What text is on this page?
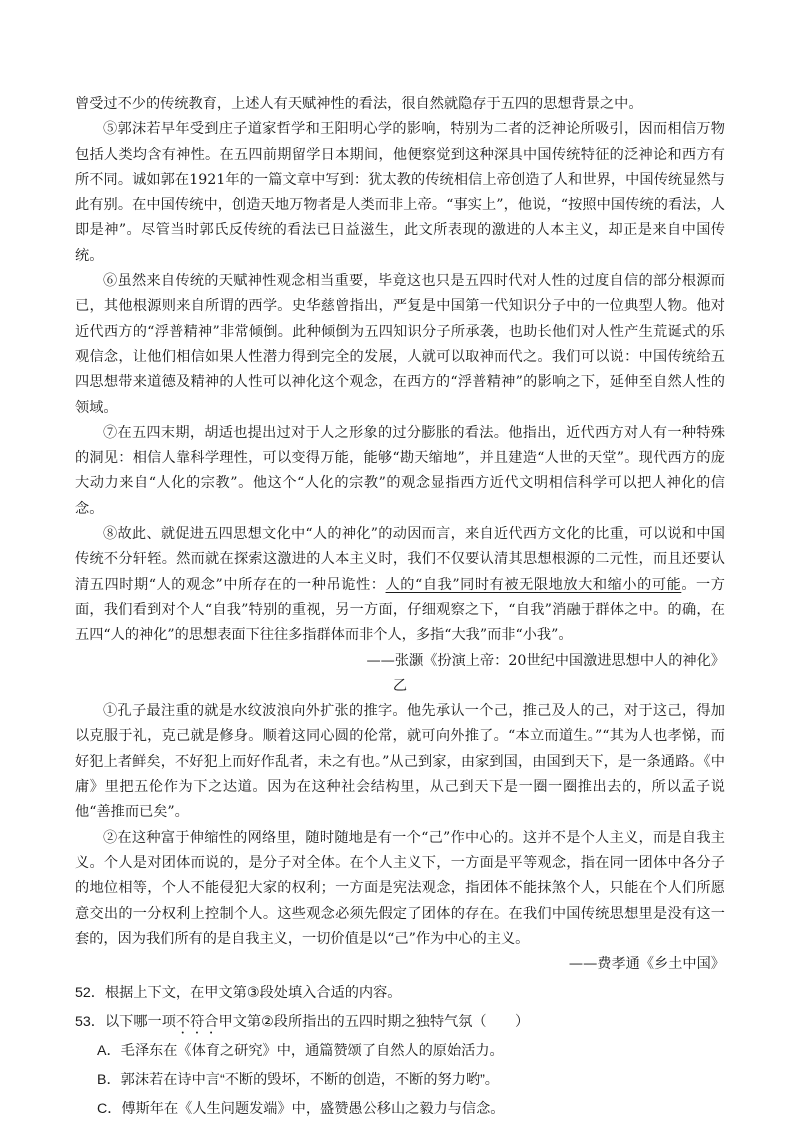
曾受过不少的传统教育，上述人有天赋神性的看法，很自然就隐存于五四的思想背景之中。

⑤郭沫若早年受到庄子道家哲学和王阳明心学的影响，特别为二者的泛神论所吸引，因而相信万物包括人类均含有神性。在五四前期留学日本期间，他便察觉到这种深具中国传统特征的泛神论和西方有所不同。诚如郭在1921年的一篇文章中写到：犹太教的传统相信上帝创造了人和世界，中国传统显然与此有别。在中国传统中，创造天地万物者是人类而非上帝。“事实上”，他说，“按照中国传统的看法，人即是神”。尽管当时郭氏反传统的看法已日益滋生，此文所表现的激进的人本主义，却正是来自中国传统。

⑥虽然来自传统的天赋神性观念相当重要，毕竟这也只是五四时代对人性的过度自信的部分根源而已，其他根源则来自所谓的西学。史华慈曾指出，严复是中国第一代知识分子中的一位典型人物。他对近代西方的“浮普精神”非常倾倒。此种倾倒为五四知识分子所承袭，也助长他们对人性产生荒诞式的乐观信念，让他们相信如果人性潜力得到完全的发展，人就可以取神而代之。我们可以说：中国传统给五四思想带来道德及精神的人性可以神化这个观念，在西方的“浮普精神”的影响之下，延伸至自然人性的领域。

⑦在五四末期，胡适也提出过对于人之形象的过分膨胀的看法。他指出，近代西方对人有一种特殊的洞见：相信人靠科学理性，可以变得万能，能够“勘天缩地”，并且建造“人世的天堂”。现代西方的庞大动力来自“人化的宗教”。他这个“人化的宗教”的观念显指西方近代文明相信科学可以把人神化的信念。

⑧故此、就促进五四思想文化中“人的神化”的动因而言，来自近代西方文化的比重，可以说和中国传统不分轩轾。然而就在探索这激进的人本主义时，我们不仅要认清其思想根源的二元性，而且还要认清五四时期“人的观念”中所存在的一种吊诡性：人的“自我”同时有被无限地放大和缩小的可能。一方面，我们看到对个人“自我”特别的重视，另一方面，仔细观察之下，“自我”消融于群体之中。的确，在五四“人的神化”的思想表面下往往多指群体而非个人，多指“大我”而非“小我”。

——张灏《扮演上帝：20世纪中国激进思想中人的神化》

乙

①孔子最注重的就是水纹波浪向外扩张的推字。他先承认一个己，推己及人的己，对于这己，得加以克服于礼，克己就是修身。顺着这同心圆的伦常，就可向外推了。“本立而道生。”“其为人也孝悌，而好犯上者鲜矣，不好犯上而好作乱者，未之有也。”从己到家，由家到国，由国到天下，是一条通路。《中庸》里把五伦作为下之达道。因为在这种社会结构里，从己到天下是一圈一圈推出去的，所以孟子说他“善推而已矣”。

②在这种富于伸缩性的网络里，随时随地是有一个“己”作中心的。这并不是个人主义，而是自我主义。个人是对团体而说的，是分子对全体。在个人主义下，一方面是平等观念，指在同一团体中各分子的地位相等，个人不能侵犯大家的权利；一方面是宪法观念，指团体不能抹煞个人，只能在个人们所愿意交出的一分权利上控制个人。这些观念必须先假定了团体的存在。在我们中国传统思想里是没有这一套的，因为我们所有的是自我主义，一切价值是以“己”作为中心的主义。

——费孝通《乡土中国》

52．根据上下文，在甲文第③段处填入合适的内容。

53．以下哪一项不符合甲文第②段所指出的五四时期之独特气氛（　　）

A．毛泽东在《体育之研究》中，通篇赞颂了自然人的原始活力。

B．郭沫若在诗中言“不断的毁坏，不断的创造，不断的努力哟”。

C．傅斯年在《人生问题发端》中，盛赞愚公移山之毅力与信念。
